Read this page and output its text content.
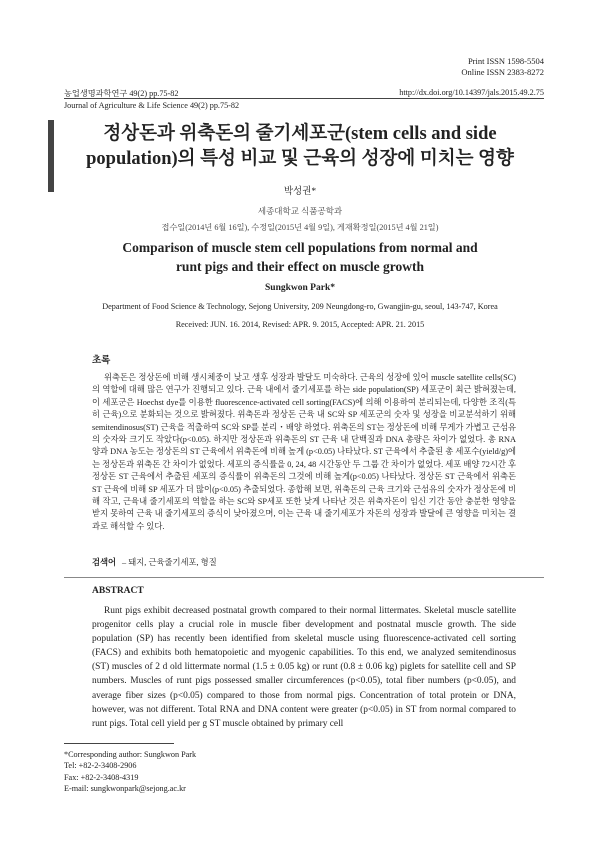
Print ISSN 1598-5504
Online ISSN 2383-8272
농업생명과학연구 49(2) pp.75-82	http://dx.doi.org/10.14397/jals.2015.49.2.75
Journal of Agriculture & Life Science 49(2) pp.75-82
정상돈과 위축돈의 줄기세포군(stem cells and side
population)의 특성 비교 및 근육의 성장에 미치는 영향
박성권*
세종대학교 식품공학과
접수일(2014년 6월 16일), 수정일(2015년 4월 9일), 게재확정일(2015년 4월 21일)
Comparison of muscle stem cell populations from normal and
runt pigs and their effect on muscle growth
Sungkwon Park*
Department of Food Science & Technology, Sejong University, 209 Neungdong-ro, Gwangjin-gu, seoul, 143-747, Korea
Received: JUN. 16. 2014, Revised: APR. 9. 2015, Accepted: APR. 21. 2015
초록

위축돈은 정상돈에 비해 생시체중이 낮고 생후 성장과 발달도 미숙하다. 근육의 성장에 있어 muscle satellite cells(SC)의 역할에 대해 많은 연구가 진행되고 있다. 근육 내에서 줄기세포를 하는 side population(SP) 세포군이 최근 밝혀졌는데, 이 세포군은 Hoechst dye를 이용한 fluorescence-activated cell sorting(FACS)에 의해 이용하여 분리되는데, 다양한 조직(특히 근육)으로 분화되는 것으로 밝혀졌다. 위축돈과 정상돈 근육 내 SC와 SP 세포군의 숫자 및 성장을 비교분석하기 위해 semitendinosus(ST) 근육을 적출하여 SC와 SP를 분리・배양 하였다. 위축돈의 ST는 정상돈에 비해 무게가 가볍고 근섬유의 숫자와 크기도 작았다(p<0.05). 하지만 정상돈과 위축돈의 ST 근육 내 단백질과 DNA 총량은 차이가 없었다. 총 RNA 양과 DNA 농도는 정상돈의 ST 근육에서 위축돈에 비해 높게 (p<0.05) 나타났다. ST 근육에서 추출된 총 세포수(yield/g)에는 정상돈과 위축돈 간 차이가 없었다. 세포의 증식률을 0, 24, 48 시간동안 두 그룹 간 차이가 없었다. 세포 배양 72시간 후 정상돈 ST 근육에서 추출된 세포의 증식률이 위축돈의 그것에 비해 높게(p<0.05) 나타났다. 정상돈 ST 근육에서 위축돈 ST 근육에 비해 SP 세포가 더 많이(p<0.05) 추출되었다. 종합해 보면, 위축돈의 근육 크기와 근섬유의 숫자가 정상돈에 비해 작고, 근육내 줄기세포의 역할을 하는 SC와 SP세포 또한 낮게 나타난 것은 위축자돈이 임신 기간 동안 충분한 영양을 받지 못하여 근육 내 줄기세포의 증식이 낮아졌으며, 이는 근육 내 줄기세포가 자돈의 성장과 발달에 큰 영향을 미치는 결과로 해석할 수 있다.

검색어 – 돼지, 근육줄기세포, 형질
ABSTRACT

Runt pigs exhibit decreased postnatal growth compared to their normal littermates. Skeletal muscle satellite progenitor cells play a crucial role in muscle fiber development and postnatal muscle growth. The side population (SP) has recently been identified from skeletal muscle using fluorescence-activated cell sorting (FACS) and exhibits both hematopoietic and myogenic capabilities. To this end, we analyzed semitendinosus (ST) muscles of 2 d old littermate normal (1.5 ± 0.05 kg) or runt (0.8 ± 0.06 kg) piglets for satellite cell and SP numbers. Muscles of runt pigs possessed smaller circumferences (p<0.05), total fiber numbers (p<0.05), and average fiber sizes (p<0.05) compared to those from normal pigs. Concentration of total protein or DNA, however, was not different. Total RNA and DNA content were greater (p<0.05) in ST from normal compared to runt pigs. Total cell yield per g ST muscle obtained by primary cell

*Corresponding author: Sungkwon Park
Tel: +82-2-3408-2906
Fax: +82-2-3408-4319
E-mail: sungkwonpark@sejong.ac.kr
